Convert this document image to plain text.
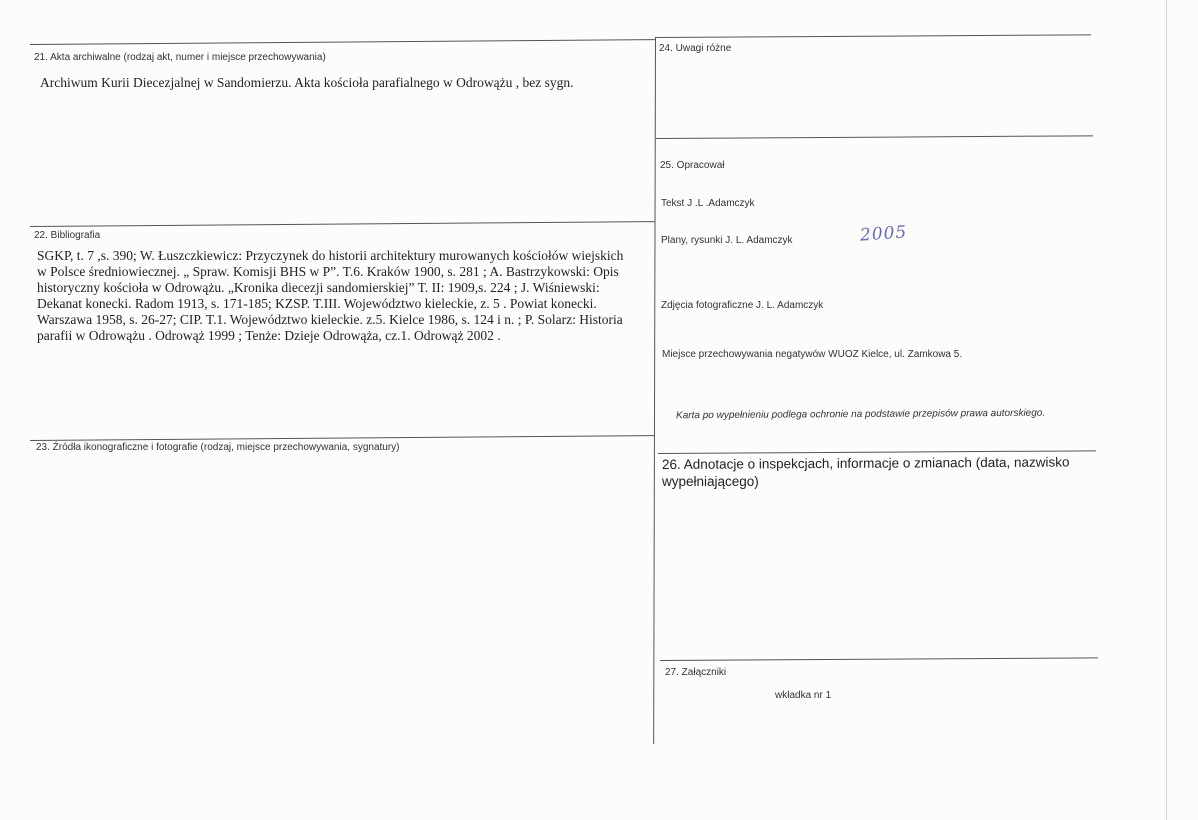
21. Akta archiwalne (rodzaj akt, numer i miejsce przechowywania)
Archiwum Kurii Diecezjalnej w Sandomierzu. Akta kościoła parafialnego w Odrowążu , bez sygn.
22. Bibliografia
SGKP, t. 7 ,s. 390; W. Łuszczkiewicz: Przyczynek do historii architektury murowanych kościołów wiejskich
w Polsce średniowiecznej. „ Spraw. Komisji BHS w P”. T.6. Kraków 1900, s. 281 ; A. Bastrzykowski: Opis
historyczny kościoła w Odrowążu. „Kronika diecezji sandomierskiej” T. II: 1909,s. 224 ; J. Wiśniewski:
Dekanat konecki. Radom 1913, s. 171-185; KZSP. T.III. Województwo kieleckie, z. 5 . Powiat konecki.
Warszawa 1958, s. 26-27; CIP. T.1. Województwo kieleckie. z.5. Kielce 1986, s. 124 i n. ; P. Solarz: Historia
parafii w Odrowążu . Odrowąż 1999 ; Tenże: Dzieje Odrowąża, cz.1. Odrowąż 2002 .
23. Źródła ikonograficzne i fotografie (rodzaj, miejsce przechowywania, sygnatury)
24. Uwagi różne
25. Opracował
Tekst J .L .Adamczyk
Plany, rysunki J. L. Adamczyk	2005
Zdjęcia fotograficzne J. L. Adamczyk
Miejsce przechowywania negatywów WUOZ Kielce, ul. Zamkowa 5.
Karta po wypełnieniu podlega ochronie na podstawie przepisów prawa autorskiego.
26. Adnotacje o inspekcjach, informacje o zmianach (data, nazwisko
wypełniającego)
27. Załączniki
wkładka nr 1
